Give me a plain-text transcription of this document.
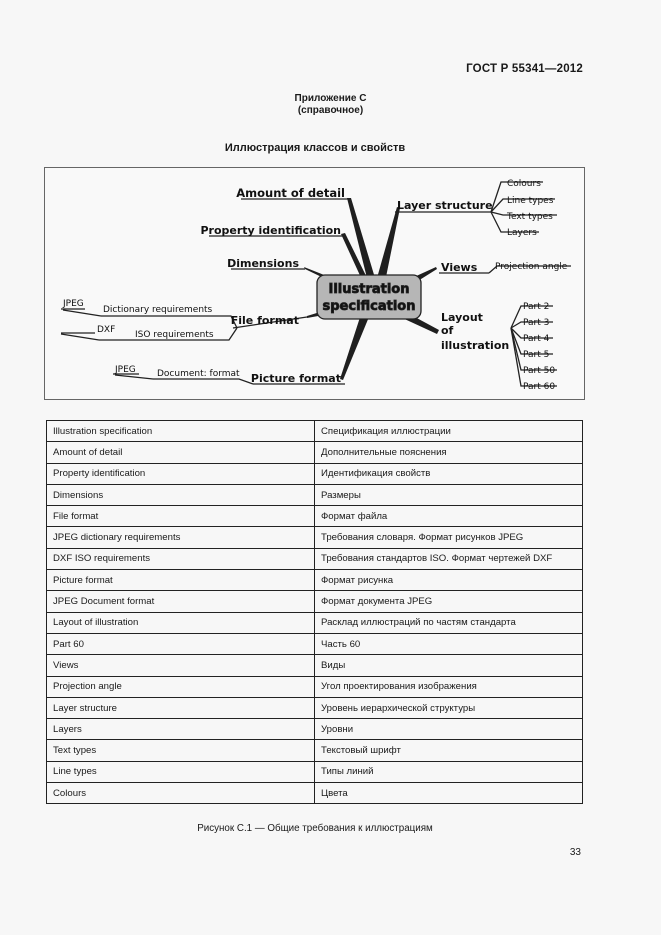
ГОСТ Р 55341—2012
Приложение С
(справочное)
Иллюстрация классов и свойств
Illustration
specification
Amount of detail
Property identification
Dimensions
File format
Picture format
Dictionary requirements
ISO requirements
Document: format
JPEG
DXF
JPEG
Layer structure
Views
Layout
of
illustration
Colours
Line types
Text types
Layers
Projection angle
Part 2
Part 3
Part 4
Part 5
Part 50
Part 60
Illustration specification	Спецификация иллюстрации
Amount of detail	Дополнительные пояснения
Property identification	Идентификация свойств
Dimensions	Размеры
File format	Формат файла
JPEG dictionary requirements	Требования словаря. Формат рисунков JPEG
DXF ISO requirements	Требования стандартов ISO. Формат чертежей DXF
Picture format	Формат рисунка
JPEG Document format	Формат документа JPEG
Layout of illustration	Расклад иллюстраций по частям стандарта
Part 60	Часть 60
Views	Виды
Projection angle	Угол проектирования изображения
Layer structure	Уровень иерархической структуры
Layers	Уровни
Text types	Текстовый шрифт
Line types	Типы линий
Colours	Цвета
Рисунок С.1 — Общие требования к иллюстрациям
33
